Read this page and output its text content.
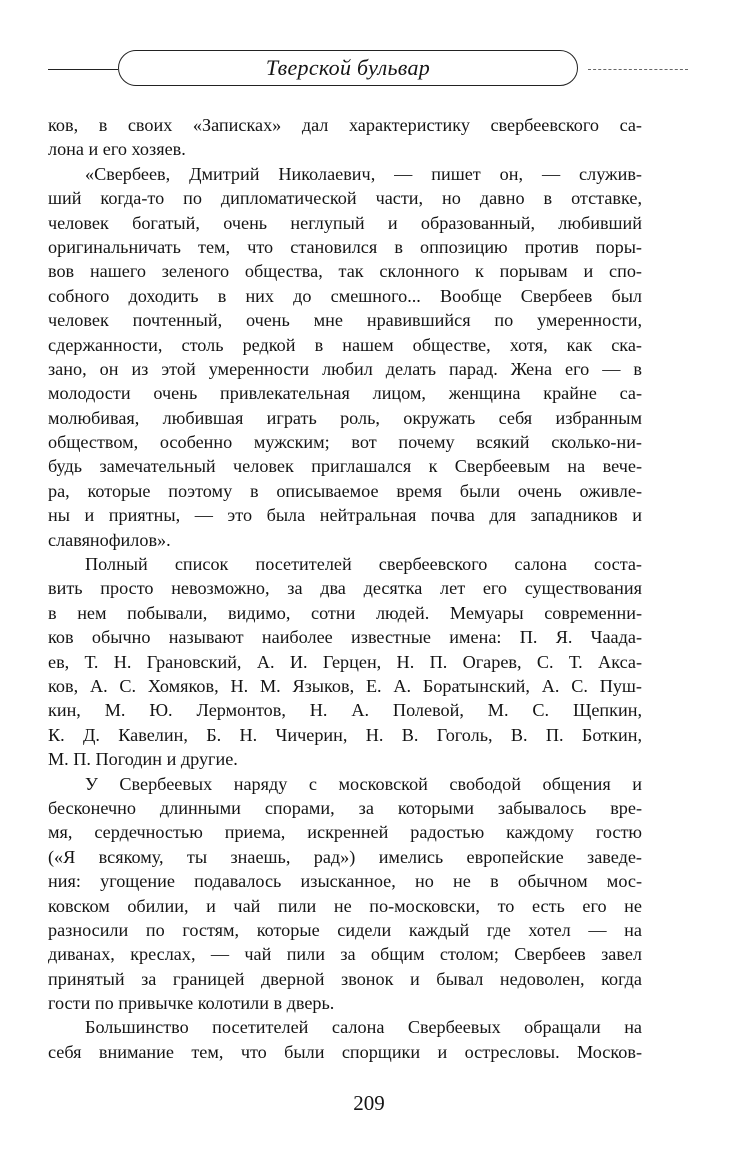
Тверской бульвар
ков, в своих «Записках» дал характеристику свербеевского са-
лона и его хозяев.
«Свербеев, Дмитрий Николаевич, — пишет он, — служив-
ший когда-то по дипломатической части, но давно в отставке,
человек богатый, очень неглупый и образованный, любивший
оригинальничать тем, что становился в оппозицию против поры-
вов нашего зеленого общества, так склонного к порывам и спо-
собного доходить в них до смешного... Вообще Свербеев был
человек почтенный, очень мне нравившийся по умеренности,
сдержанности, столь редкой в нашем обществе, хотя, как ска-
зано, он из этой умеренности любил делать парад. Жена его — в
молодости очень привлекательная лицом, женщина крайне са-
молюбивая, любившая играть роль, окружать себя избранным
обществом, особенно мужским; вот почему всякий сколько-ни-
будь замечательный человек приглашался к Свербеевым на вече-
ра, которые поэтому в описываемое время были очень оживле-
ны и приятны, — это была нейтральная почва для западников и
славянофилов».
Полный список посетителей свербеевского салона соста-
вить просто невозможно, за два десятка лет его существования
в нем побывали, видимо, сотни людей. Мемуары современни-
ков обычно называют наиболее известные имена: П. Я. Чаада-
ев, Т. Н. Грановский, А. И. Герцен, Н. П. Огарев, С. Т. Акса-
ков, А. С. Хомяков, Н. М. Языков, Е. А. Боратынский, А. С. Пуш-
кин, М. Ю. Лермонтов, Н. А. Полевой, М. С. Щепкин,
К. Д. Кавелин, Б. Н. Чичерин, Н. В. Гоголь, В. П. Боткин,
М. П. Погодин и другие.
У Свербеевых наряду с московской свободой общения и
бесконечно длинными спорами, за которыми забывалось вре-
мя, сердечностью приема, искренней радостью каждому гостю
(«Я всякому, ты знаешь, рад») имелись европейские заведе-
ния: угощение подавалось изысканное, но не в обычном мос-
ковском обилии, и чай пили не по-московски, то есть его не
разносили по гостям, которые сидели каждый где хотел — на
диванах, креслах, — чай пили за общим столом; Свербеев завел
принятый за границей дверной звонок и бывал недоволен, когда
гости по привычке колотили в дверь.
Большинство посетителей салона Свербеевых обращали на
себя внимание тем, что были спорщики и остресловы. Москов-
209
